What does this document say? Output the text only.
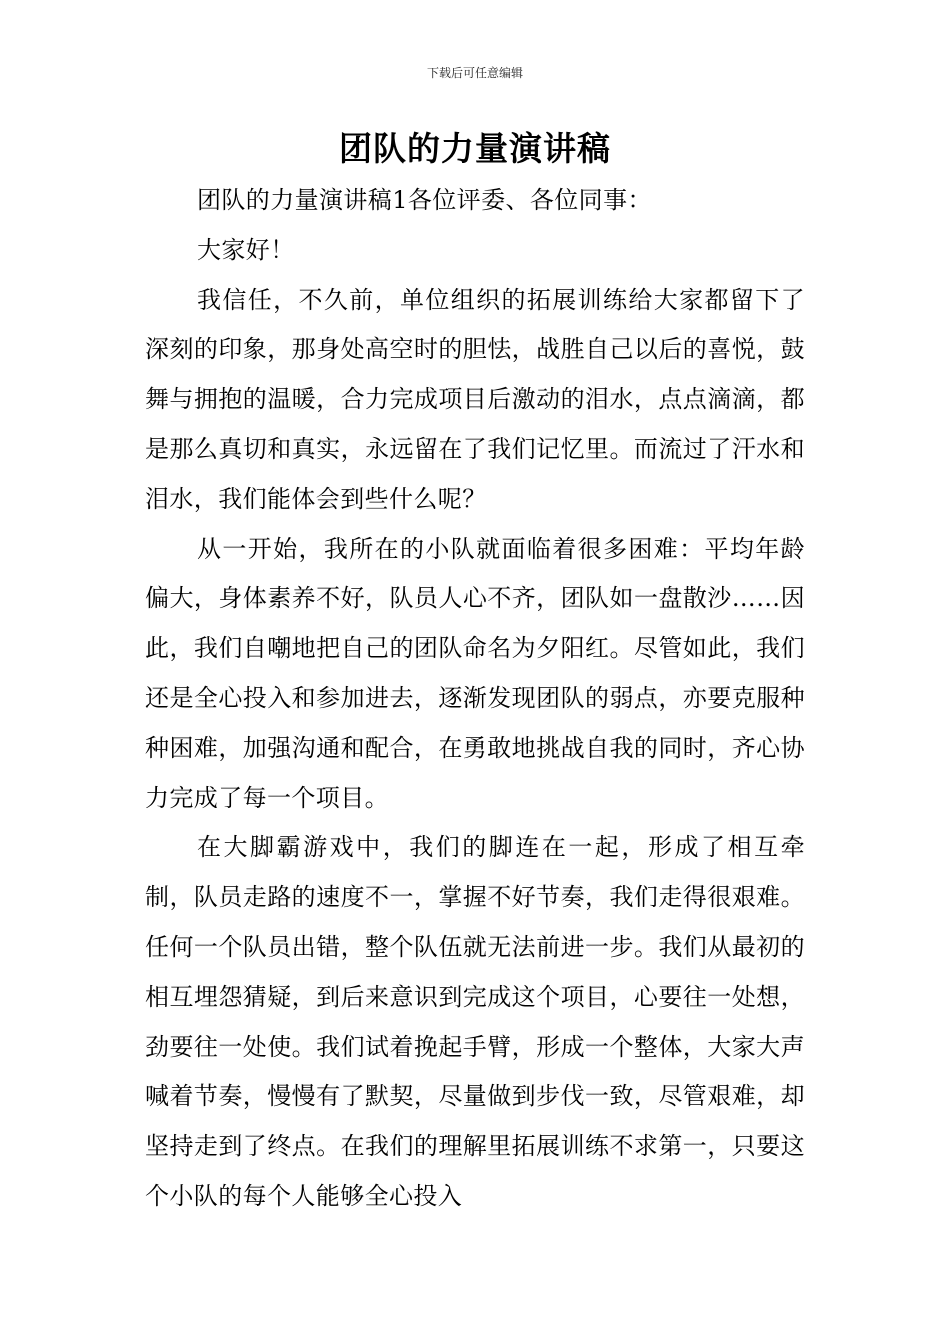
下载后可任意编辑
团队的力量演讲稿

团队的力量演讲稿1各位评委、各位同事：

大家好！

我信任，不久前，单位组织的拓展训练给大家都留下了深刻的印象，那身处高空时的胆怯，战胜自己以后的喜悦，鼓舞与拥抱的温暖，合力完成项目后激动的泪水，点点滴滴，都是那么真切和真实，永远留在了我们记忆里。而流过了汗水和泪水，我们能体会到些什么呢？

从一开始，我所在的小队就面临着很多困难：平均年龄偏大，身体素养不好，队员人心不齐，团队如一盘散沙……因此，我们自嘲地把自己的团队命名为夕阳红。尽管如此，我们还是全心投入和参加进去，逐渐发现团队的弱点，亦要克服种种困难，加强沟通和配合，在勇敢地挑战自我的同时，齐心协力完成了每一个项目。

在大脚霸游戏中，我们的脚连在一起，形成了相互牵制，队员走路的速度不一，掌握不好节奏，我们走得很艰难。任何一个队员出错，整个队伍就无法前进一步。我们从最初的相互埋怨猜疑，到后来意识到完成这个项目，心要往一处想，劲要往一处使。我们试着挽起手臂，形成一个整体，大家大声喊着节奏，慢慢有了默契，尽量做到步伐一致，尽管艰难，却坚持走到了终点。在我们的理解里拓展训练不求第一，只要这个小队的每个人能够全心投入
